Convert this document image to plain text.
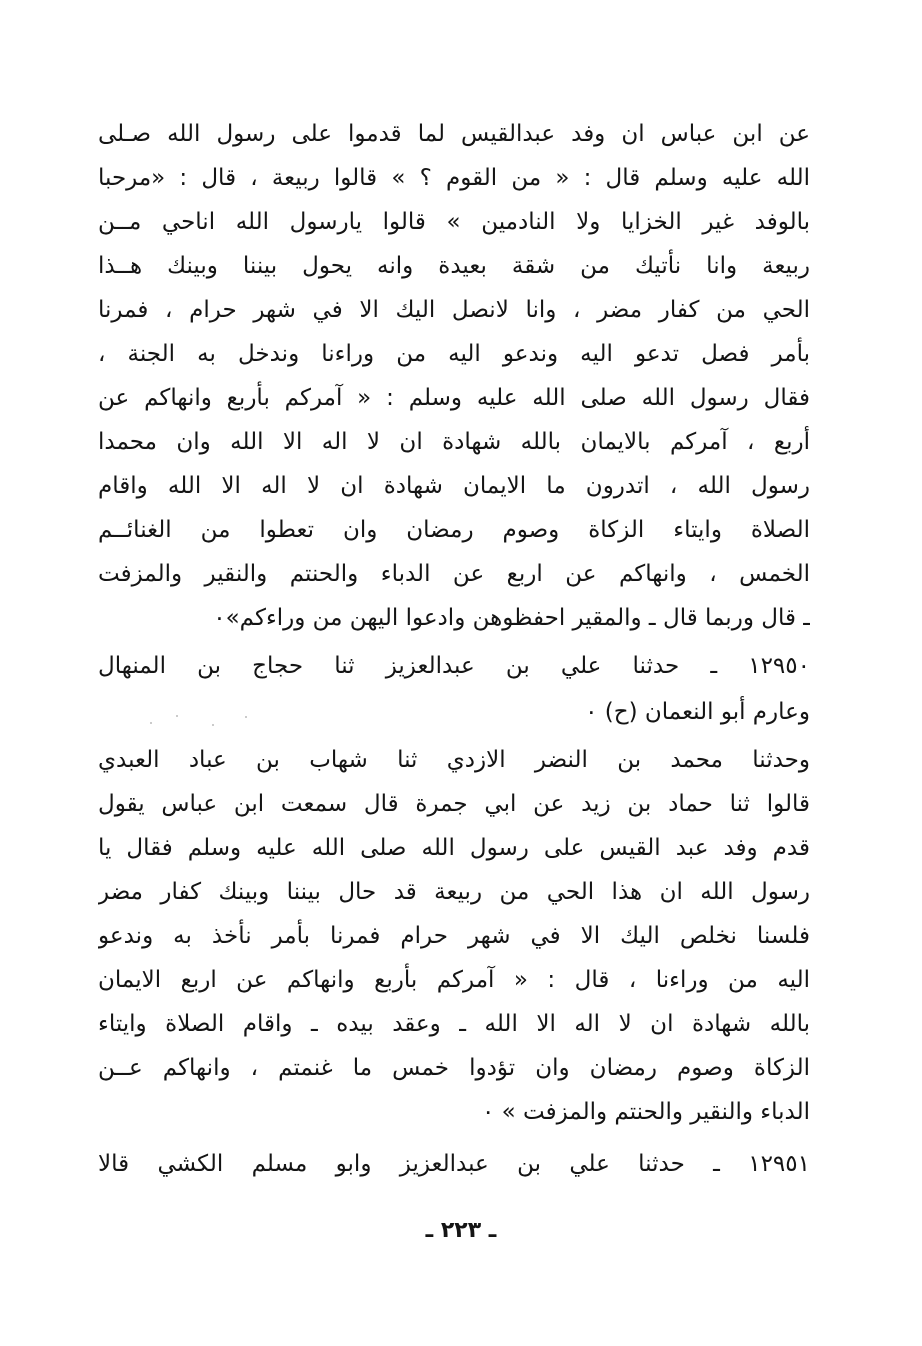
عن ابن عباس ان وفد عبدالقيس لما قدموا على رسول الله صـلى
الله عليه وسلم قال : « من القوم ؟ » قالوا ربيعة ، قال : «مرحبا
بالوفد غير الخزايا ولا النادمين » قالوا يارسول الله اناحي مــن
ربيعة وانا نأتيك من شقة بعيدة وانه يحول بيننا وبينك هــذا
الحي من كفار مضر ، وانا لانصل اليك الا في شهر حرام ، فمرنا
بأمر فصل تدعو اليه وندعو اليه من وراءنا وندخل به الجنة ،
فقال رسول الله صلى الله عليه وسلم : « آمركم بأربع وانهاكم عن
أربع ، آمركم بالايمان بالله شهادة ان لا اله الا الله وان محمدا
رسول الله ، اتدرون ما الايمان شهادة ان لا اله الا الله واقام
الصلاة وايتاء الزكاة وصوم رمضان وان تعطوا من الغنائــم
الخمس ، وانهاكم عن اربع عن الدباء والحنتم والنقير والمزفت
ـ قال وربما قال ـ والمقير احفظوهن وادعوا اليهن من وراءكم»٠
١٢٩٥٠ ـ حدثنا علي بن عبدالعزيز ثنا حجاج بن المنهال
وعارم أبو النعمان (ح) ٠
وحدثنا محمد بن النضر الازدي ثنا شهاب بن عباد العبدي
قالوا ثنا حماد بن زيد عن ابي جمرة قال سمعت ابن عباس يقول
قدم وفد عبد القيس على رسول الله صلى الله عليه وسلم فقال يا
رسول الله ان هذا الحي من ربيعة قد حال بيننا وبينك كفار مضر
فلسنا نخلص اليك الا في شهر حرام فمرنا بأمر نأخذ به وندعو
اليه من وراءنا ، قال : « آمركم بأربع وانهاكم عن اربع الايمان
بالله شهادة ان لا اله الا الله ـ وعقد بيده ـ واقام الصلاة وايتاء
الزكاة وصوم رمضان وان تؤدوا خمس ما غنمتم ، وانهاكم عــن
الدباء والنقير والحنتم والمزفت » ٠
١٢٩٥١ ـ حدثنا علي بن عبدالعزيز وابو مسلم الكشي قالا
ـ ٢٢٣ ـ
